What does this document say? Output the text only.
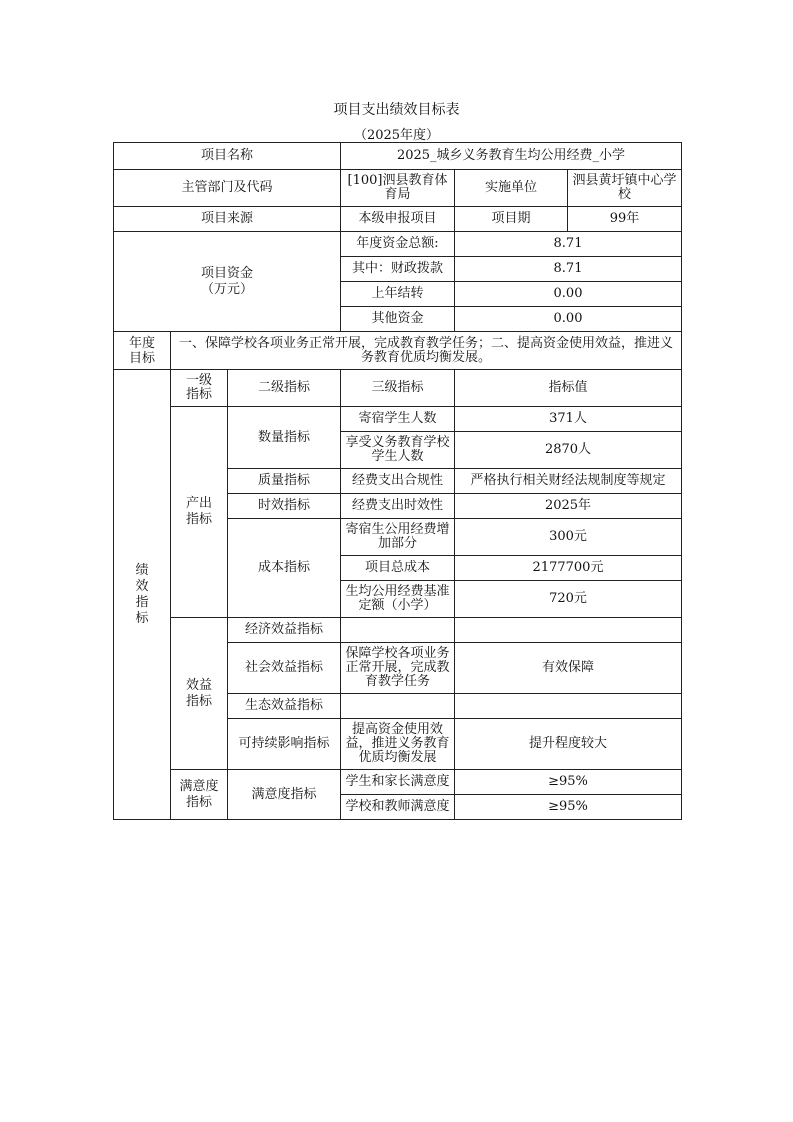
项目支出绩效目标表
（2025年度）
项目名称			2025_城乡义务教育生均公用经费_小学		
主管部门及代码			[100]泗县教育体育局	实施单位	泗县黄圩镇中心学校
项目来源			本级申报项目	项目期	99年

项目资金（万元）			年度资金总额:	8.71	
			其中：财政拨款	8.71	
			上年结转	0.00	
			其他资金	0.00	

年度目标	一、保障学校各项业务正常开展，完成教育教学任务；二、提高资金使用效益，推进义务教育优质均衡发展。				

绩效指标	一级指标	二级指标	三级指标	指标值	

	产出指标	数量指标	寄宿学生人数	371人	
			享受义务教育学校学生人数	2870人	
		质量指标	经费支出合规性	严格执行相关财经法规制度等规定	
		时效指标	经费支出时效性	2025年	
		成本指标	寄宿生公用经费增加部分	300元	
			项目总成本	2177700元	
			生均公用经费基准定额（小学）	720元	

	效益指标	经济效益指标			
		社会效益指标	保障学校各项业务正常开展，完成教育教学任务	有效保障	
		生态效益指标			
		可持续影响指标	提高资金使用效益，推进义务教育优质均衡发展	提升程度较大	

	满意度指标	满意度指标	学生和家长满意度	≥95%	
			学校和教师满意度	≥95%	
